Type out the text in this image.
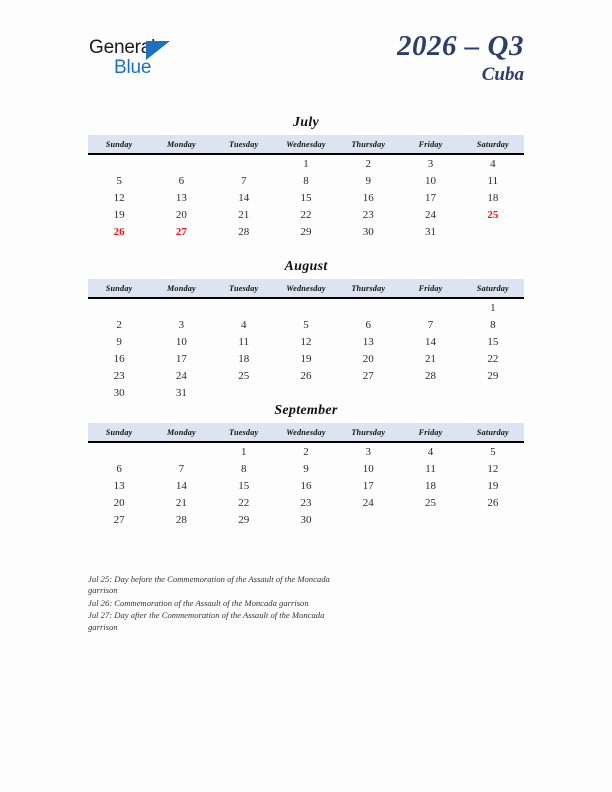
General
Blue
2026 – Q3
Cuba
July
Sunday	Monday	Tuesday	Wednesday	Thursday	Friday	Saturday
			1	2	3	4
5	6	7	8	9	10	11
12	13	14	15	16	17	18
19	20	21	22	23	24	25
26	27	28	29	30	31	

August
Sunday	Monday	Tuesday	Wednesday	Thursday	Friday	Saturday
						1
2	3	4	5	6	7	8
9	10	11	12	13	14	15
16	17	18	19	20	21	22
23	24	25	26	27	28	29
30	31					
September
Sunday	Monday	Tuesday	Wednesday	Thursday	Friday	Saturday
		1	2	3	4	5
6	7	8	9	10	11	12
13	14	15	16	17	18	19
20	21	22	23	24	25	26
27	28	29	30			

Jul 25: Day before the Commemoration of the Assault of the Moncada garrison
Jul 26: Commemoration of the Assault of the Moncada garrison
Jul 27: Day after the Commemoration of the Assault of the Moncada garrison
